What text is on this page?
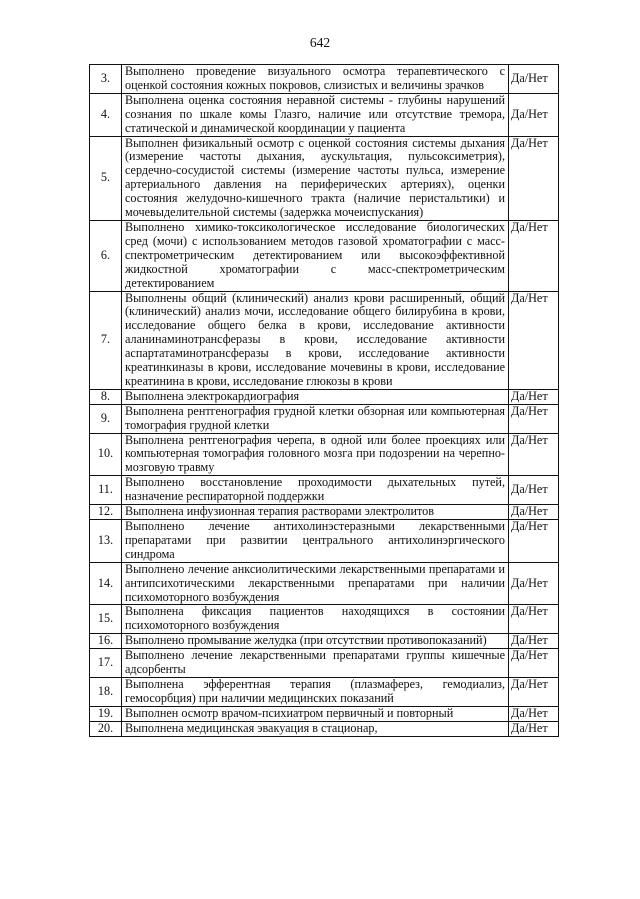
642
3.	Выполнено проведение визуального осмотра терапевтического с оценкой состояния кожных покровов, слизистых и величины зрачков	Да/Нет
4.	Выполнена оценка состояния нерaвной системы - глубины нарушений сознания по шкале комы Глазго, наличие или отсутствие тремора, статической и динамической координации у пациента	Да/Нет
5.	Выполнен физикальный осмотр с оценкой состояния системы дыхания (измерение частоты дыхания, аускультация, пульсоксиметрия), сердечно-сосудистой системы (измерение частоты пульса, измерение артериального давления на периферических артериях), оценки состояния желудочно-кишечного тракта (наличие перистальтики) и мочевыделительной системы (задержка мочеиспускания)	Да/Нет
6.	Выполнено химико-токсикологическое исследование биологических сред (мочи) с использованием методов газовой хроматографии с масс-спектрометрическим детектированием или высокоэффективной жидкостной хроматографии с масс-спектрометрическим детектированием	Да/Нет
7.	Выполнены общий (клинический) анализ крови расширенный, общий (клинический) анализ мочи, исследование общего билирубина в крови, исследование общего белка в крови, исследование активности аланинаминотрансферазы в крови, исследование активности аспартатаминотрансферазы в крови, исследование активности креатинкиназы в крови, исследование мочевины в крови, исследование креатинина в крови, исследование глюкозы в крови	Да/Нет
8.	Выполнена электрокардиография	Да/Нет
9.	Выполнена рентгенография грудной клетки обзорная или компьютерная томография грудной клетки	Да/Нет
10.	Выполнена рентгенография черепа, в одной или более проекциях или компьютерная томография головного мозга при подозрении на черепно-мозговую травму	Да/Нет
11.	Выполнено восстановление проходимости дыхательных путей, назначение респираторной поддержки	Да/Нет
12.	Выполнена инфузионная терапия растворами электролитов	Да/Нет
13.	Выполнено лечение антихолинэстеразными лекарственными препаратами при развитии центрального антихолинэргического синдрома	Да/Нет
14.	Выполнено лечение анксиолитическими лекарственными препаратами и антипсихотическими лекарственными препаратами при наличии психомоторного возбуждения	Да/Нет
15.	Выполнена фиксация пациентов находящихся в состоянии психомоторного возбуждения	Да/Нет
16.	Выполнено промывание желудка (при отсутствии противопоказаний)	Да/Нет
17.	Выполнено лечение лекарственными препаратами группы кишечные адсорбенты	Да/Нет
18.	Выполнена эфферентная терапия (плазмаферез, гемодиализ, гемосорбция) при наличии медицинских показаний	Да/Нет
19.	Выполнен осмотр врачом-психиатром первичный и повторный	Да/Нет
20.	Выполнена медицинская эвакуация в стационар,	Да/Нет
